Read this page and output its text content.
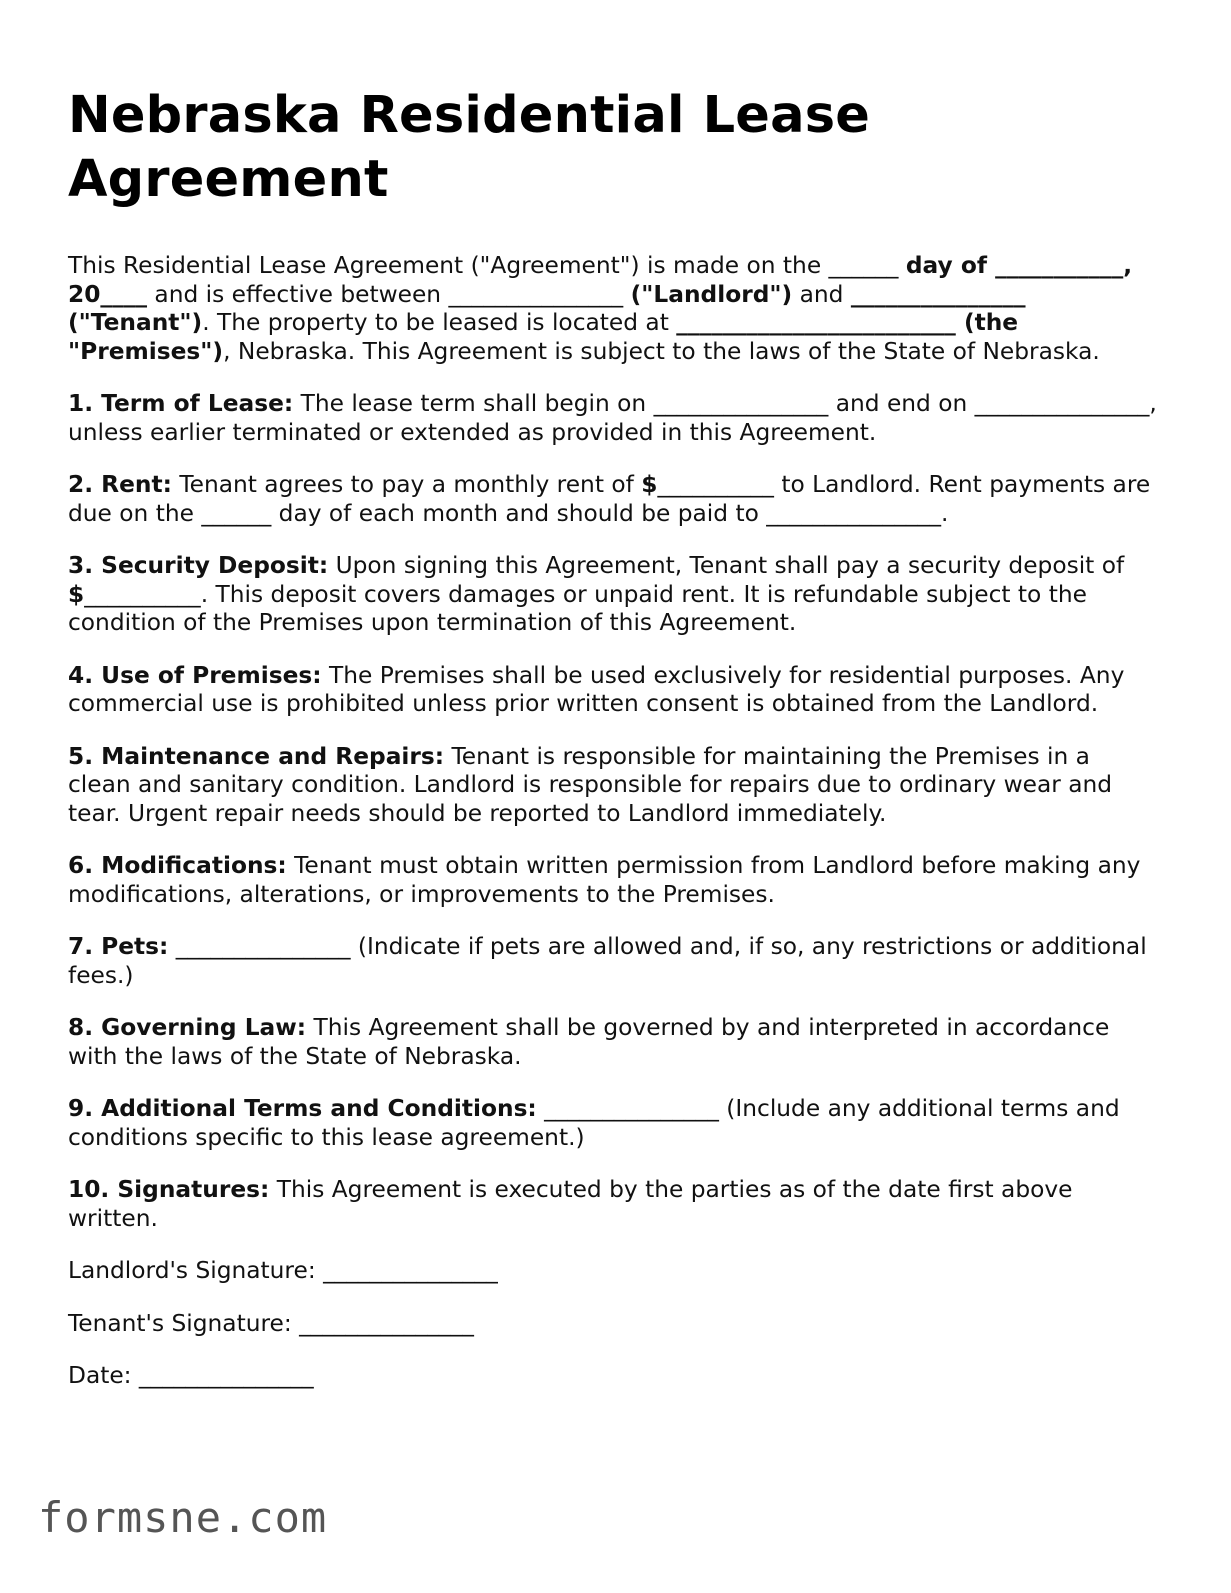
Nebraska Residential Lease Agreement

This Residential Lease Agreement ("Agreement") is made on the ______ day of ___________, 20____ and is effective between _______________ ("Landlord") and _______________ ("Tenant"). The property to be leased is located at ________________________ (the "Premises"), Nebraska. This Agreement is subject to the laws of the State of Nebraska.

1. Term of Lease: The lease term shall begin on _______________ and end on _______________, unless earlier terminated or extended as provided in this Agreement.

2. Rent: Tenant agrees to pay a monthly rent of $__________ to Landlord. Rent payments are due on the ______ day of each month and should be paid to _______________.

3. Security Deposit: Upon signing this Agreement, Tenant shall pay a security deposit of $__________. This deposit covers damages or unpaid rent. It is refundable subject to the condition of the Premises upon termination of this Agreement.

4. Use of Premises: The Premises shall be used exclusively for residential purposes. Any commercial use is prohibited unless prior written consent is obtained from the Landlord.

5. Maintenance and Repairs: Tenant is responsible for maintaining the Premises in a clean and sanitary condition. Landlord is responsible for repairs due to ordinary wear and tear. Urgent repair needs should be reported to Landlord immediately.

6. Modifications: Tenant must obtain written permission from Landlord before making any modifications, alterations, or improvements to the Premises.

7. Pets: _______________ (Indicate if pets are allowed and, if so, any restrictions or additional fees.)

8. Governing Law: This Agreement shall be governed by and interpreted in accordance with the laws of the State of Nebraska.

9. Additional Terms and Conditions: _______________ (Include any additional terms and conditions specific to this lease agreement.)

10. Signatures: This Agreement is executed by the parties as of the date first above written.

Landlord's Signature: _______________

Tenant's Signature: _______________

Date: _______________

formsne.com
